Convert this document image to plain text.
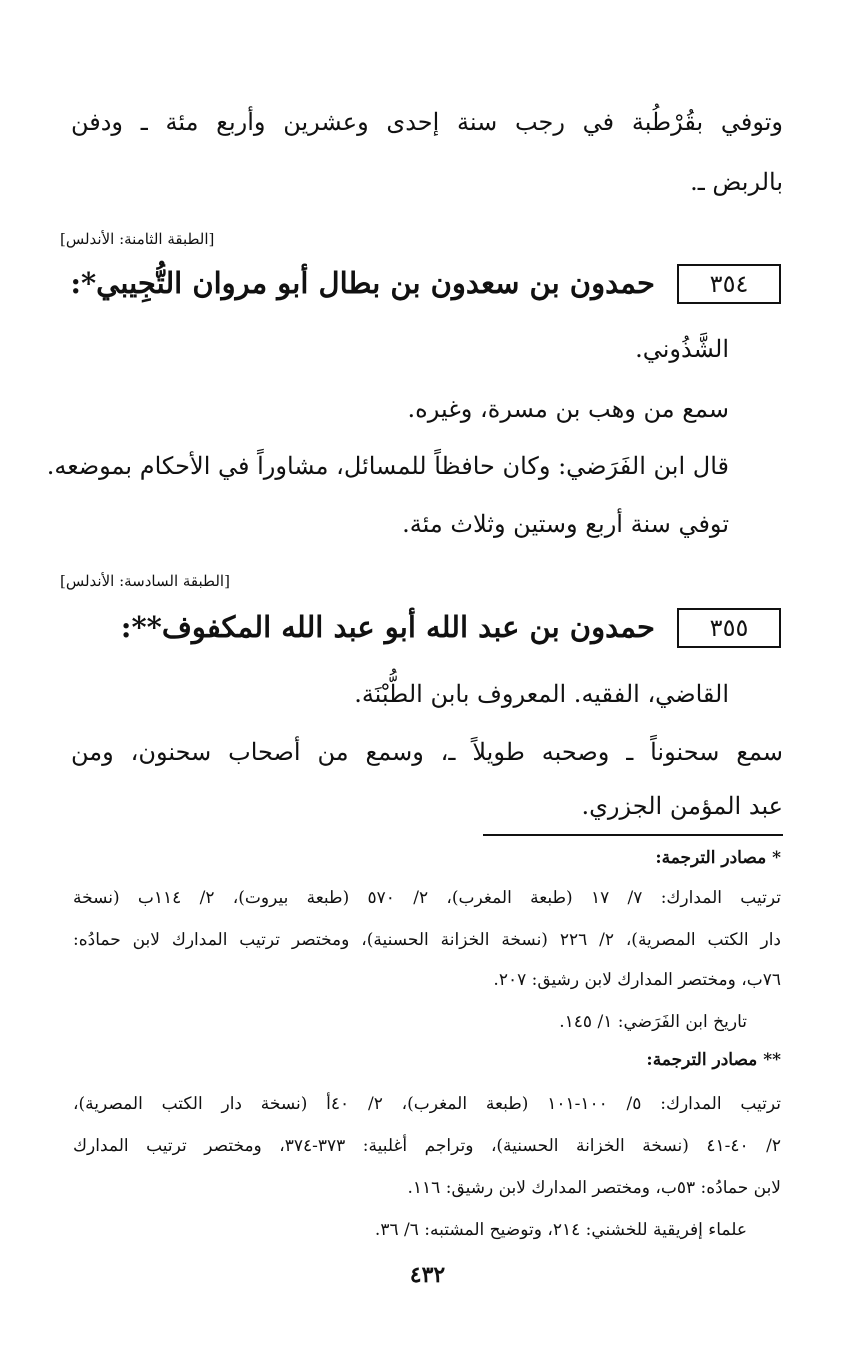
وتوفي بقُرْطُبة في رجب سنة إحدى وعشرين وأربع مئة ـ ودفن
بالربض ـ.
[الطبقة الثامنة: الأندلس]
٣٥٤
حمدون بن سعدون بن بطال أبو مروان التُّجِيبي*:
الشَّذُوني.
سمع من وهب بن مسرة، وغيره.
قال ابن الفَرَضي: وكان حافظاً للمسائل، مشاوراً في الأحكام بموضعه.
توفي سنة أربع وستين وثلاث مئة.
[الطبقة السادسة: الأندلس]
٣٥٥
حمدون بن عبد الله أبو عبد الله المكفوف**:
القاضي، الفقيه. المعروف بابن الطُّبْنَة.
سمع سحنوناً ـ وصحبه طويلاً ـ، وسمع من أصحاب سحنون، ومن
عبد المؤمن الجزري.
* مصادر الترجمة:
ترتيب المدارك: ٧/ ١٧ (طبعة المغرب)، ٢/ ٥٧٠ (طبعة بيروت)، ٢/ ١١٤ب (نسخة
دار الكتب المصرية)، ٢/ ٢٢٦ (نسخة الخزانة الحسنية)، ومختصر ترتيب المدارك لابن حمادُه:
٧٦ب، ومختصر المدارك لابن رشيق: ٢٠٧.
تاريخ ابن الفَرَضي: ١/ ١٤٥.
** مصادر الترجمة:
ترتيب المدارك: ٥/ ١٠٠-١٠١ (طبعة المغرب)، ٢/ ٤٠أ (نسخة دار الكتب المصرية)،
٢/ ٤٠-٤١ (نسخة الخزانة الحسنية)، وتراجم أغلبية: ٣٧٣-٣٧٤، ومختصر ترتيب المدارك
لابن حمادُه: ٥٣ب، ومختصر المدارك لابن رشيق: ١١٦.
علماء إفريقية للخشني: ٢١٤، وتوضيح المشتبه: ٦/ ٣٦.
٤٣٢
